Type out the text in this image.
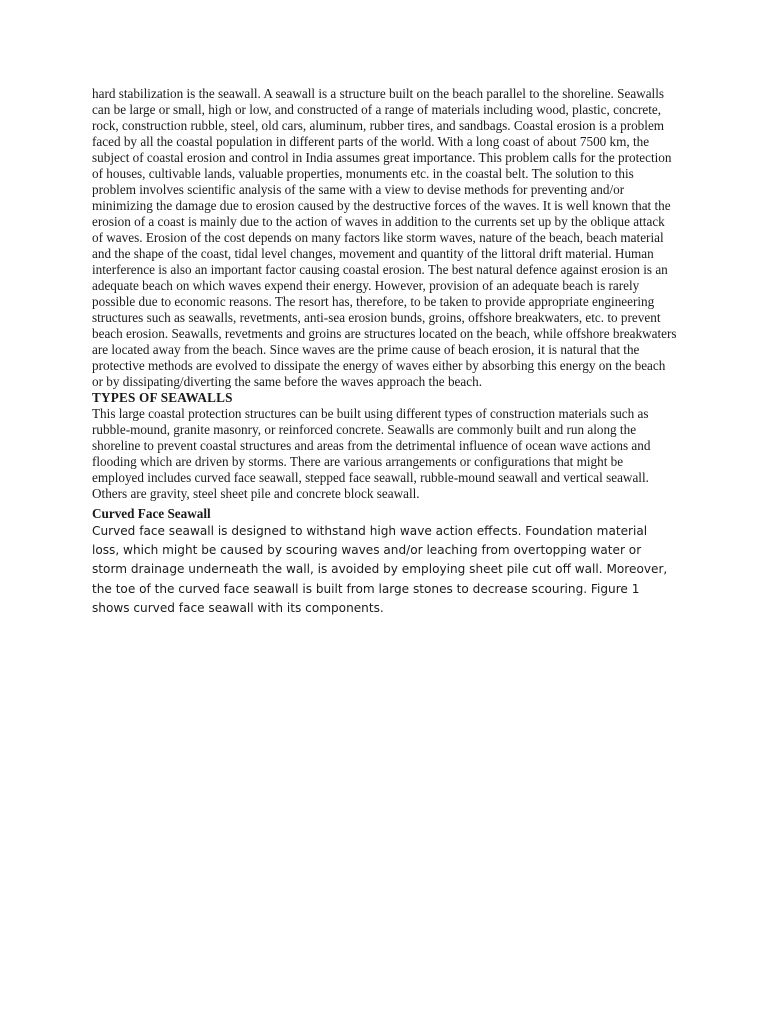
hard stabilization is the seawall. A seawall is a structure built on the beach parallel to the shoreline. Seawalls can be large or small, high or low, and constructed of a range of materials including wood, plastic, concrete, rock, construction rubble, steel, old cars, aluminum, rubber tires, and sandbags. Coastal erosion is a problem faced by all the coastal population in different parts of the world. With a long coast of about 7500 km, the subject of coastal erosion and control in India assumes great importance. This problem calls for the protection of houses, cultivable lands, valuable properties, monuments etc. in the coastal belt. The solution to this problem involves scientific analysis of the same with a view to devise methods for preventing and/or minimizing the damage due to erosion caused by the destructive forces of the waves. It is well known that the erosion of a coast is mainly due to the action of waves in addition to the currents set up by the oblique attack of waves. Erosion of the cost depends on many factors like storm waves, nature of the beach, beach material and the shape of the coast, tidal level changes, movement and quantity of the littoral drift material. Human interference is also an important factor causing coastal erosion. The best natural defence against erosion is an adequate beach on which waves expend their energy. However, provision of an adequate beach is rarely possible due to economic reasons. The resort has, therefore, to be taken to provide appropriate engineering structures such as seawalls, revetments, anti-sea erosion bunds, groins, offshore breakwaters, etc. to prevent beach erosion. Seawalls, revetments and groins are structures located on the beach, while offshore breakwaters are located away from the beach. Since waves are the prime cause of beach erosion, it is natural that the protective methods are evolved to dissipate the energy of waves either by absorbing this energy on the beach or by dissipating/diverting the same before the waves approach the beach.

TYPES OF SEAWALLS

This large coastal protection structures can be built using different types of construction materials such as rubble-mound, granite masonry, or reinforced concrete. Seawalls are commonly built and run along the shoreline to prevent coastal structures and areas from the detrimental influence of ocean wave actions and flooding which are driven by storms. There are various arrangements or configurations that might be employed includes curved face seawall, stepped face seawall, rubble-mound seawall and vertical seawall. Others are gravity, steel sheet pile and concrete block seawall.

Curved Face Seawall

Curved face seawall is designed to withstand high wave action effects. Foundation material loss, which might be caused by scouring waves and/or leaching from overtopping water or storm drainage underneath the wall, is avoided by employing sheet pile cut off wall. Moreover, the toe of the curved face seawall is built from large stones to decrease scouring. Figure 1 shows curved face seawall with its components.
